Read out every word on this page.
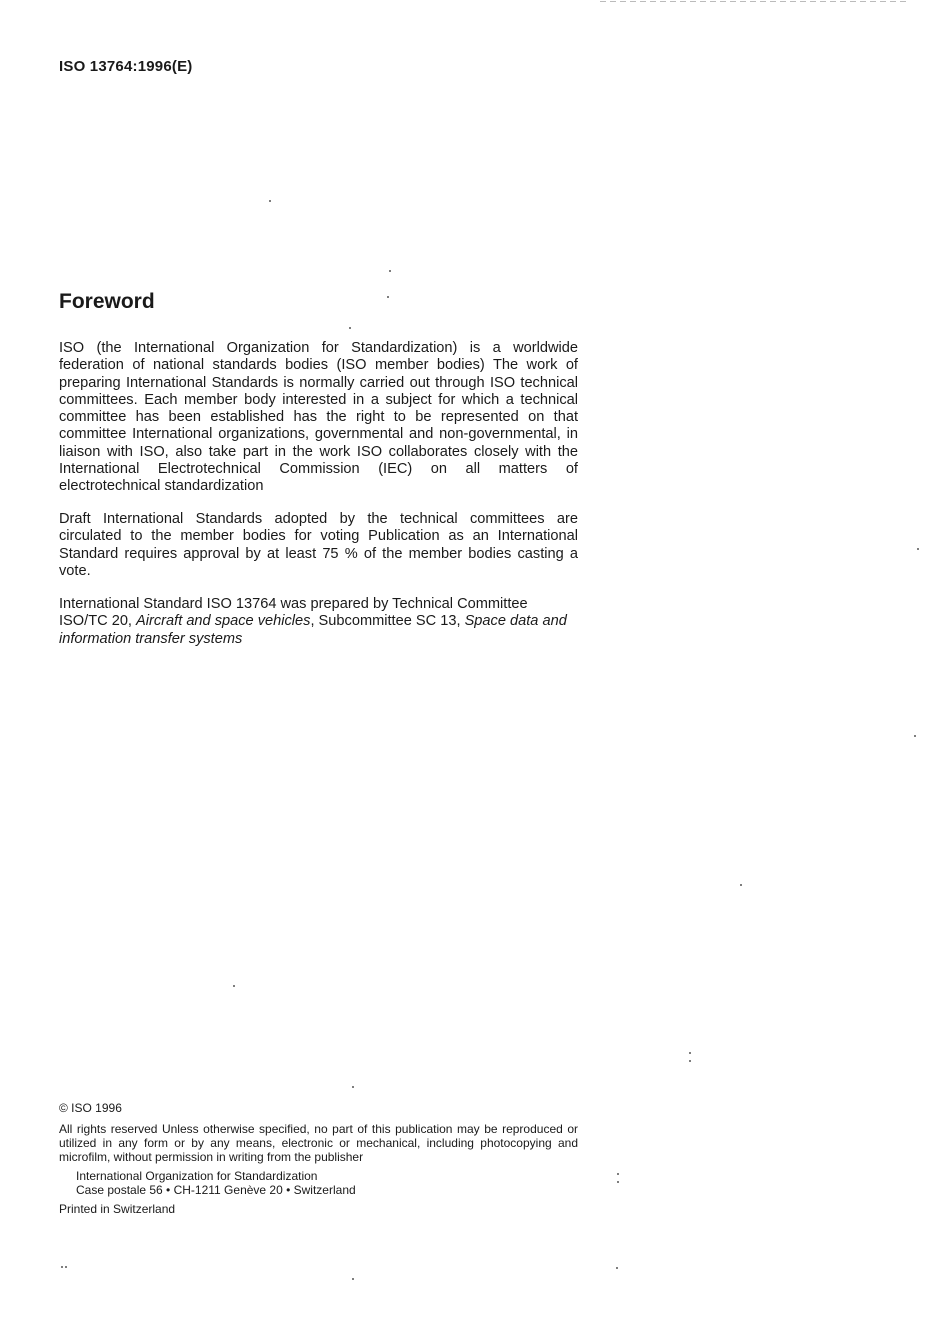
ISO 13764:1996(E)
Foreword

ISO (the International Organization for Standardization) is a worldwide federation of national standards bodies (ISO member bodies) The work of preparing International Standards is normally carried out through ISO technical committees. Each member body interested in a subject for which a technical committee has been established has the right to be represented on that committee International organizations, governmental and non-governmental, in liaison with ISO, also take part in the work ISO collaborates closely with the International Electrotechnical Commission (IEC) on all matters of electrotechnical standardization

Draft International Standards adopted by the technical committees are circulated to the member bodies for voting Publication as an International Standard requires approval by at least 75 % of the member bodies casting a vote.

International Standard ISO 13764 was prepared by Technical Committee ISO/TC 20, Aircraft and space vehicles, Subcommittee SC 13, Space data and information transfer systems

© ISO 1996
All rights reserved Unless otherwise specified, no part of this publication may be reproduced or utilized in any form or by any means, electronic or mechanical, including photocopying and microfilm, without permission in writing from the publisher
International Organization for Standardization
Case postale 56 • CH-1211 Genève 20 • Switzerland
Printed in Switzerland
